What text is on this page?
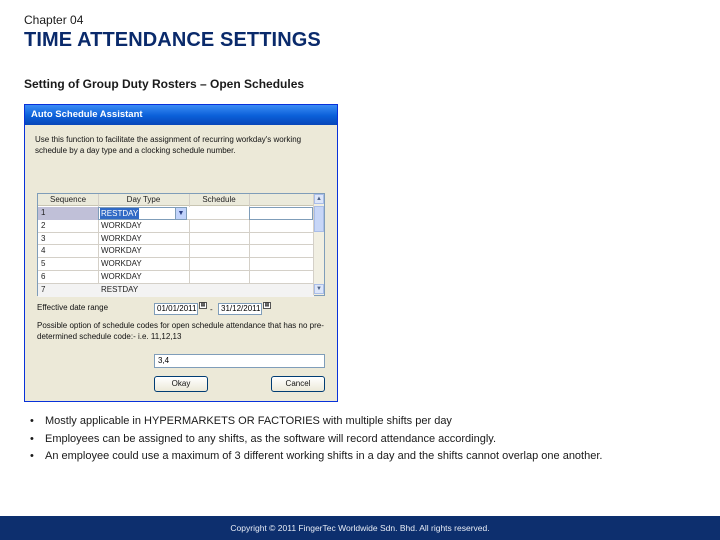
Chapter 04
TIME ATTENDANCE SETTINGS
Setting of Group Duty Rosters – Open Schedules
Auto Schedule Assistant
Use this function to facilitate the assignment of recurring workday's working schedule by a day type and a clocking schedule number.
Sequence	Day Type	Schedule
1	RESTDAY	▼
2	WORKDAY
3	WORKDAY
4	WORKDAY
5	WORKDAY
6	WORKDAY
7	RESTDAY
▲
▼
Effective date range	01/01/2011 ▦ -	31/12/2011 ▦
Possible option of schedule codes for open schedule attendance that has no pre-determined schedule code:- i.e. 11,12,13
3,4
Okay	Cancel
• Mostly applicable in HYPERMARKETS OR FACTORIES with multiple shifts per day
• Employees can be assigned to any shifts, as the software will record attendance accordingly.
• An employee could use a maximum of 3 different working shifts in a day and the shifts cannot overlap one another.
Copyright © 2011 FingerTec Worldwide Sdn. Bhd. All rights reserved.
